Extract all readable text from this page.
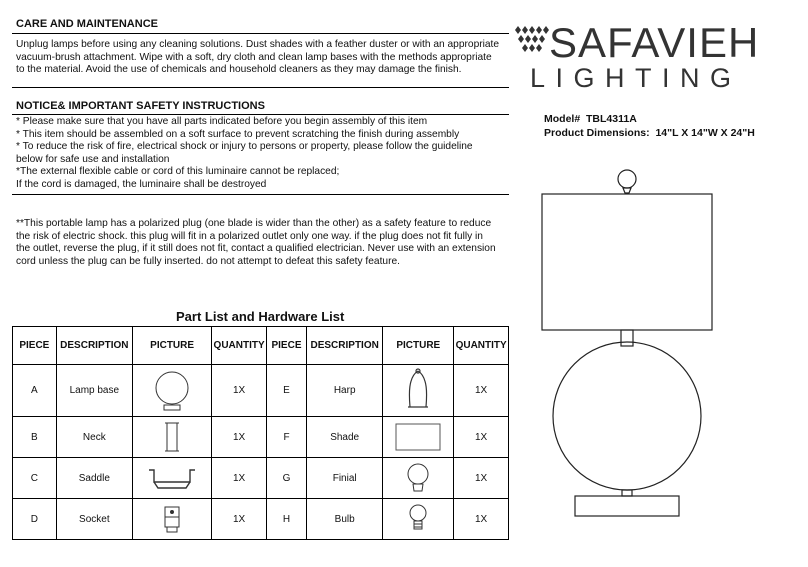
CARE AND MAINTENANCE
Unplug lamps before using any cleaning solutions. Dust shades with a feather duster or with an appropriate
vacuum-brush attachment. Wipe with a soft, dry cloth and clean lamp bases with the methods appropriate
to the material. Avoid the use of chemicals and household cleaners as they may damage the finish.
NOTICE& IMPORTANT SAFETY INSTRUCTIONS
* Please make sure that you have all parts indicated before you begin assembly of this item
* This item should be assembled on a soft surface to prevent scratching the finish during assembly
* To reduce the risk of fire, electrical shock or injury to persons or property, please follow the guideline
below for safe use and installation
*The external flexible cable or cord of this luminaire cannot be replaced;
If the cord is damaged, the luminaire shall be destroyed
**This portable lamp has a polarized plug (one blade is wider than the other) as a safety feature to reduce
the risk of electric shock. this plug will fit in a polarized outlet only one way. if the plug does not fit fully in
the outlet, reverse the plug, if it still does not fit, contact a qualified electrician. Never use with an extension
cord unless the plug can be fully inserted. do not attempt to defeat this safety feature.
SAFAVIEH
LIGHTING
Model# TBL4311A
Product Dimensions: 14"L X 14"W X 24"H
Part List and Hardware List
PIECE	DESCRIPTION	PICTURE	QUANTITY	PIECE	DESCRIPTION	PICTURE	QUANTITY
A	Lamp base		1X	E	Harp		1X
B	Neck		1X	F	Shade		1X
C	Saddle		1X	G	Finial		1X
D	Socket		1X	H	Bulb		1X
